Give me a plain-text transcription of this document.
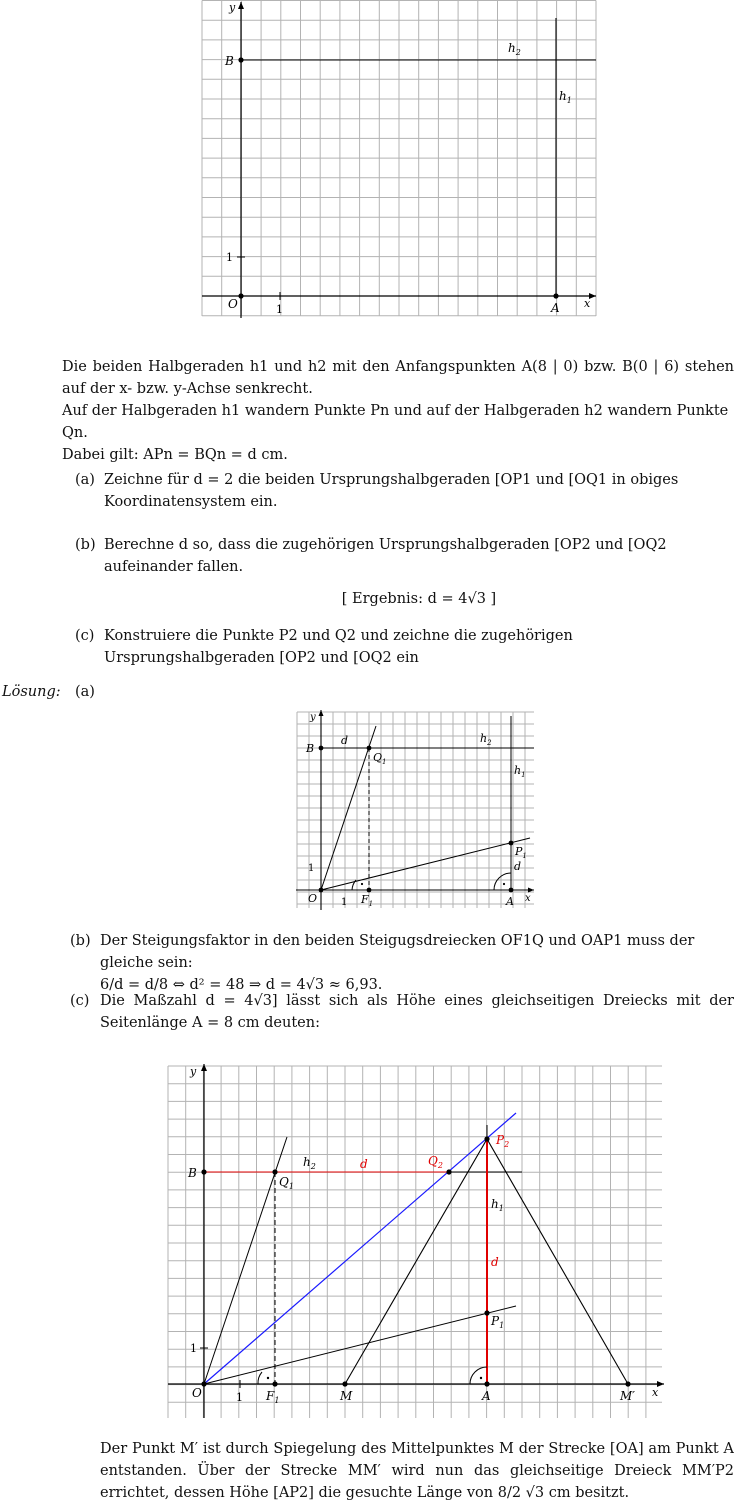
x
y
O	1
1
A
B
$h_2$
$h_1$
Die beiden Halbgeraden h1 und h2 mit den Anfangspunkten A(8 | 0) bzw. B(0 | 6) stehen auf der x- bzw. y-Achse senkrecht.
Auf der Halbgeraden h1 wandern Punkte Pn und auf der Halbgeraden h2 wandern Punkte Qn.
Dabei gilt: APn = BQn = d cm.
(a) Zeichne für d = 2 die beiden Ursprungshalbgeraden [OP1 und [OQ1 in obiges Koordinatensystem ein.
(b) Berechne d so, dass die zugehörigen Ursprungshalbgeraden [OP2 und [OQ2 aufeinander fallen.
[ Ergebnis: d = 4√3 ]
(c) Konstruiere die Punkte P2 und Q2 und zeichne die zugehörigen Ursprungshalbgeraden [OP2 und [OQ2 ein
Lösung: (a)
x
y
O 1
1
B
A
d
d
$h_2$
$h_1$
$Q_1$
$P_1$
$F_1$
(b) Der Steigungsfaktor in den beiden Steigugsdreiecken OF1Q und OAP1 muss der gleiche sein:
6/d = d/8 ⇔ d² = 48 ⇒ d = 4√3 ≈ 6,93.
(c) Die Maßzahl d = 4√3] lässt sich als Höhe eines gleichseitigen Dreiecks mit der Seitenlänge A = 8 cm deuten:
x
y
O	1
1
B
A
M	M′
d
d
$h_2$
$h_1$
$Q_1$
$Q_2$
$P_1$
$P_2$
$F_1$
Der Punkt M′ ist durch Spiegelung des Mittelpunktes M der Strecke [OA] am Punkt A entstanden. Über der Strecke MM′ wird nun das gleichseitige Dreieck MM′P2 errichtet, dessen Höhe [AP2] die gesuchte Länge von 8/2 √3 cm besitzt.
